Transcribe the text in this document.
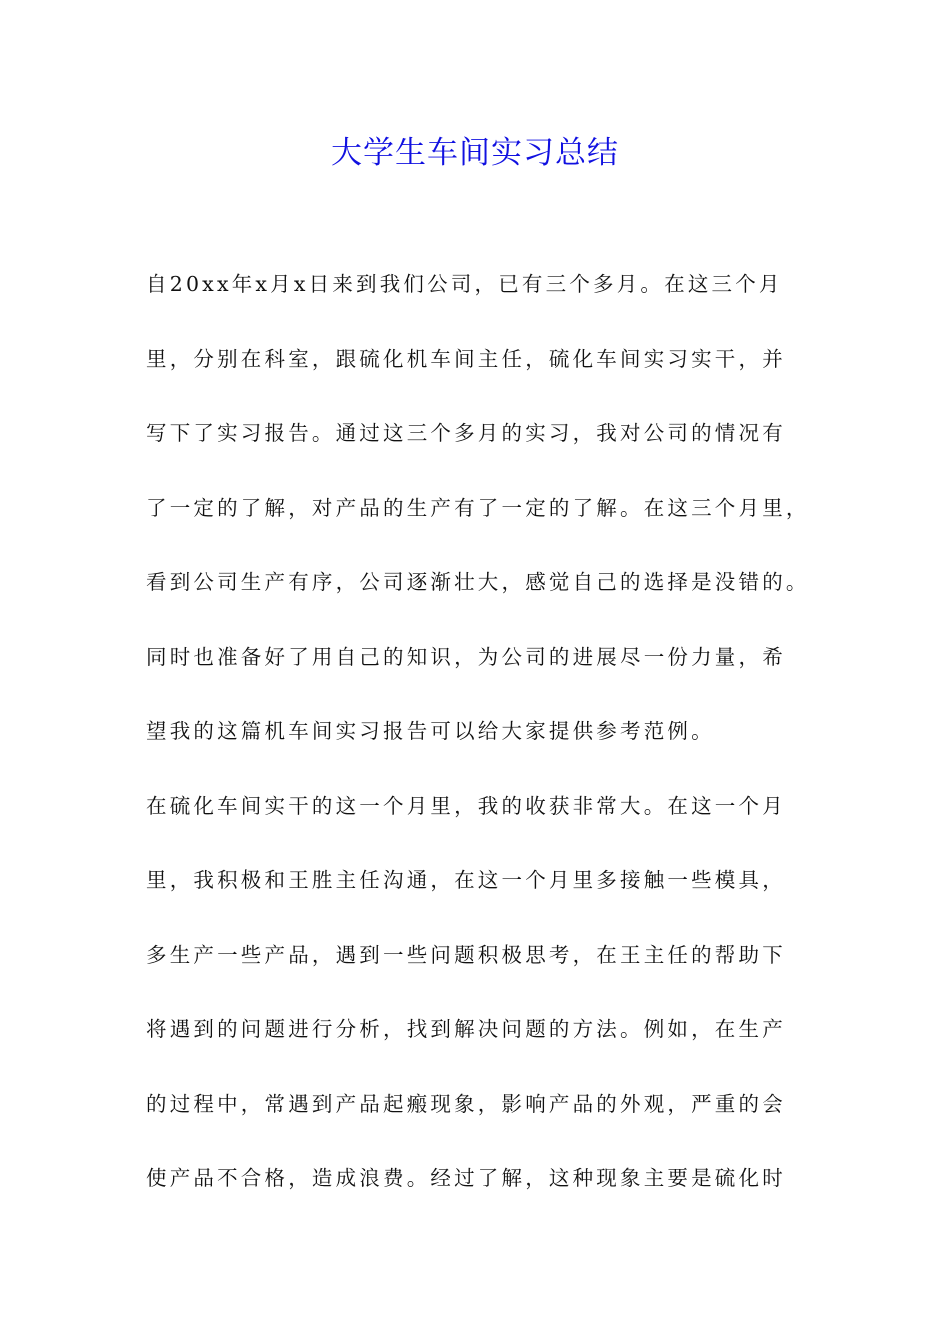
大学生车间实习总结

自20xx年x月x日来到我们公司，已有三个多月。在这三个月

里，分别在科室，跟硫化机车间主任，硫化车间实习实干，并

写下了实习报告。通过这三个多月的实习，我对公司的情况有

了一定的了解，对产品的生产有了一定的了解。在这三个月里，

看到公司生产有序，公司逐渐壮大，感觉自己的选择是没错的。

同时也准备好了用自己的知识，为公司的进展尽一份力量，希

望我的这篇机车间实习报告可以给大家提供参考范例。

在硫化车间实干的这一个月里，我的收获非常大。在这一个月

里，我积极和王胜主任沟通，在这一个月里多接触一些模具，

多生产一些产品，遇到一些问题积极思考，在王主任的帮助下

将遇到的问题进行分析，找到解决问题的方法。例如，在生产

的过程中，常遇到产品起瘢现象，影响产品的外观，严重的会

使产品不合格，造成浪费。经过了解，这种现象主要是硫化时
